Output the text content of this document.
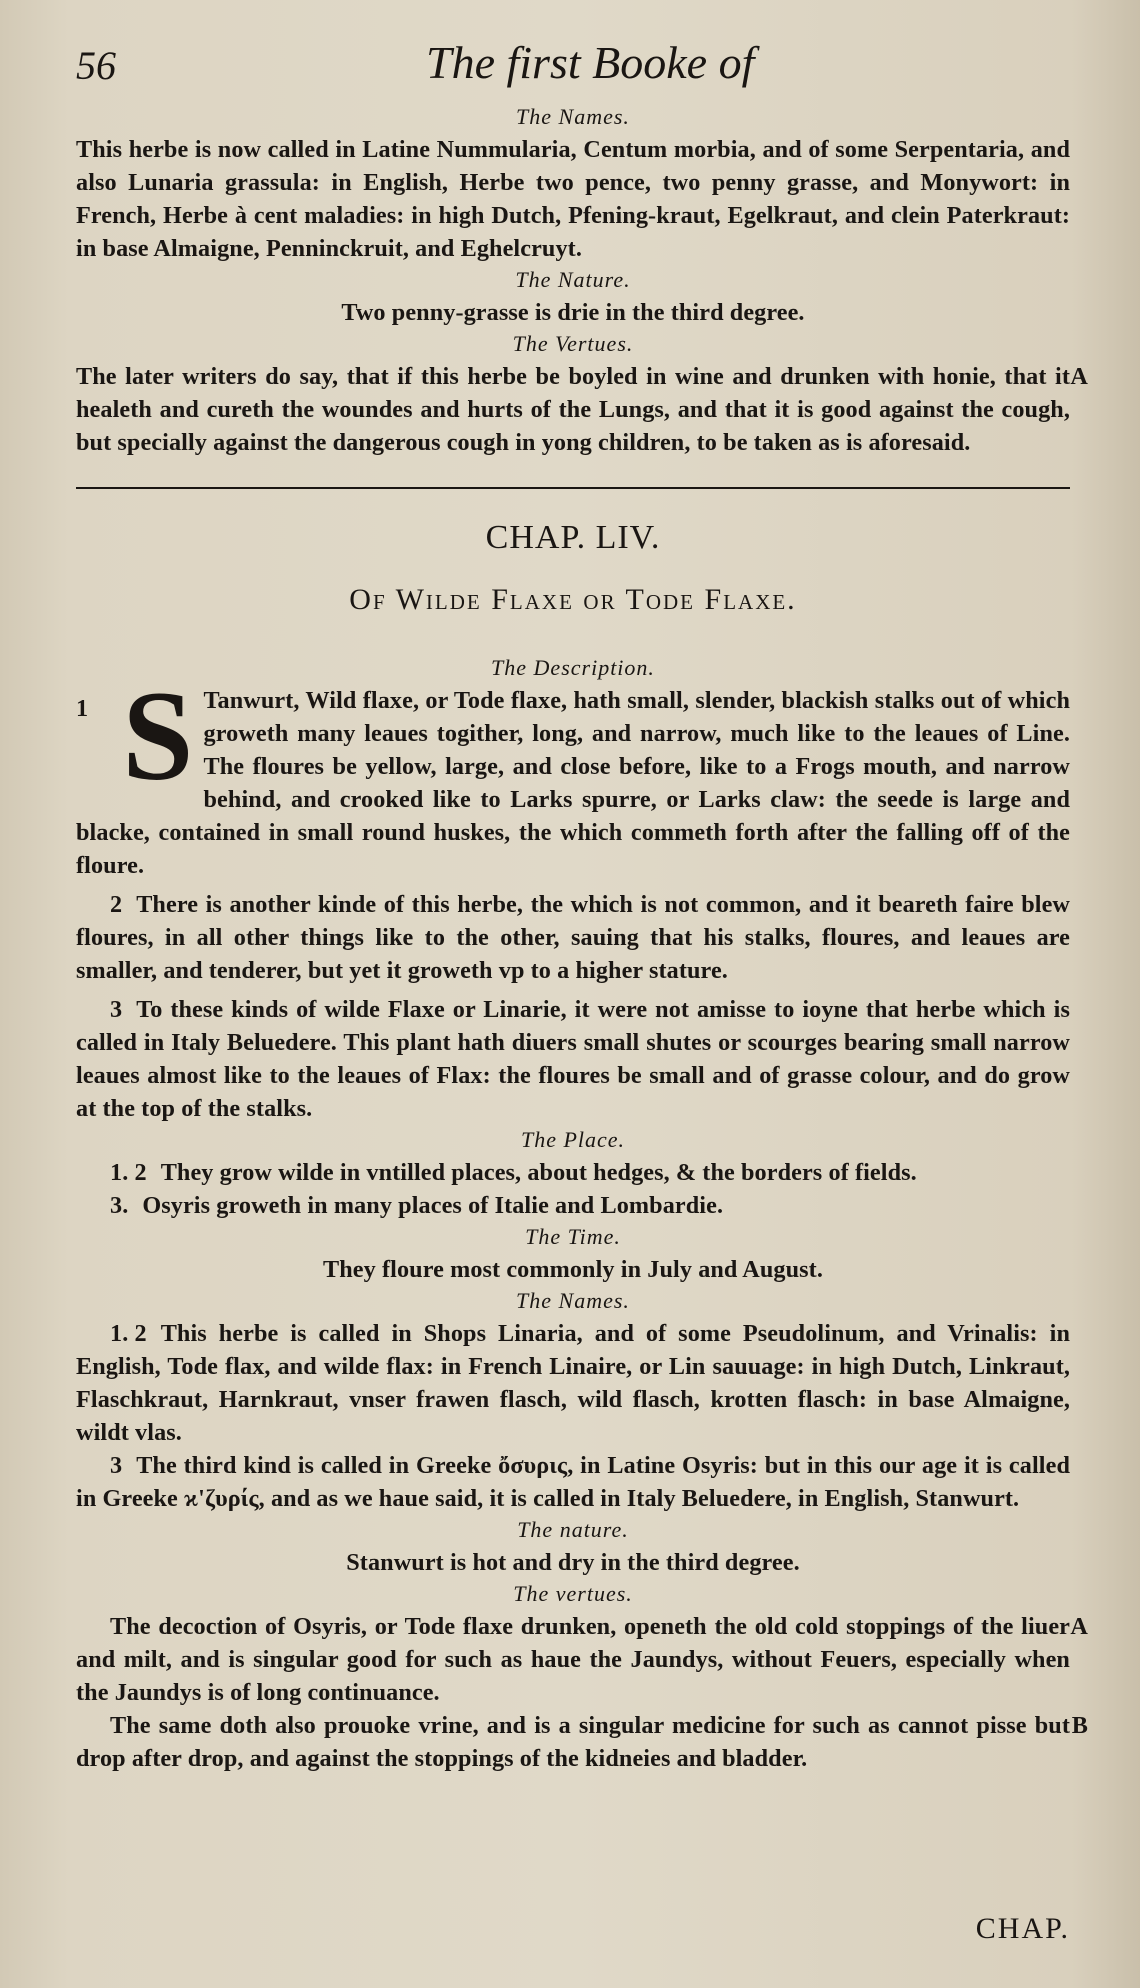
56	The first Booke of
The Names.

This herbe is now called in Latine Nummularia, Centum morbia, and of some Serpentaria, and also Lunaria grassula: in English, Herbe two pence, two penny grasse, and Monywort: in French, Herbe à cent maladies: in high Dutch, Pfening-kraut, Egelkraut, and clein Paterkraut: in base Almaigne, Penninckruit, and Eghelcruyt.

The Nature.

Two penny-grasse is drie in the third degree.

The Vertues.

A
The later writers do say, that if this herbe be boyled in wine and drunken with honie, that it healeth and cureth the woundes and hurts of the Lungs, and that it is good against the cough, but specially against the dangerous cough in yong children, to be taken as is aforesaid.

CHAP. LIV.
Of Wilde Flaxe or Tode Flaxe.
The Description.

1 S Tanwurt, Wild flaxe, or Tode flaxe, hath small, slender, blackish stalks out of which groweth many leaues togither, long, and narrow, much like to the leaues of Line. The floures be yellow, large, and close before, like to a Frogs mouth, and narrow behind, and crooked like to Larks spurre, or Larks claw: the seede is large and blacke, contained in small round huskes, the which commeth forth after the falling off of the floure.

2 There is another kinde of this herbe, the which is not common, and it beareth faire blew floures, in all other things like to the other, sauing that his stalks, floures, and leaues are smaller, and tenderer, but yet it groweth vp to a higher stature.

3 To these kinds of wilde Flaxe or Linarie, it were not amisse to ioyne that herbe which is called in Italy Beluedere. This plant hath diuers small shutes or scourges bearing small narrow leaues almost like to the leaues of Flax: the floures be small and of grasse colour, and do grow at the top of the stalks.

The Place.

1. 2 They grow wilde in vntilled places, about hedges, & the borders of fields.

3. Osyris groweth in many places of Italie and Lombardie.

The Time.

They floure most commonly in July and August.

The Names.

1. 2 This herbe is called in Shops Linaria, and of some Pseudolinum, and Vrinalis: in English, Tode flax, and wilde flax: in French Linaire, or Lin sauuage: in high Dutch, Linkraut, Flaschkraut, Harnkraut, vnser frawen flasch, wild flasch, krotten flasch: in base Almaigne, wildt vlas.

3 The third kind is called in Greeke ὄσυρις, in Latine Osyris: but in this our age it is called in Greeke ϰ'ζυρίς, and as we haue said, it is called in Italy Beluedere, in English, Stanwurt.

The nature.

Stanwurt is hot and dry in the third degree.

The vertues.

A
The decoction of Osyris, or Tode flaxe drunken, openeth the old cold stoppings of the liuer and milt, and is singular good for such as haue the Jaundys, without Feuers, especially when the Jaundys is of long continuance.

B
The same doth also prouoke vrine, and is a singular medicine for such as cannot pisse but drop after drop, and against the stoppings of the kidneies and bladder.

CHAP.
